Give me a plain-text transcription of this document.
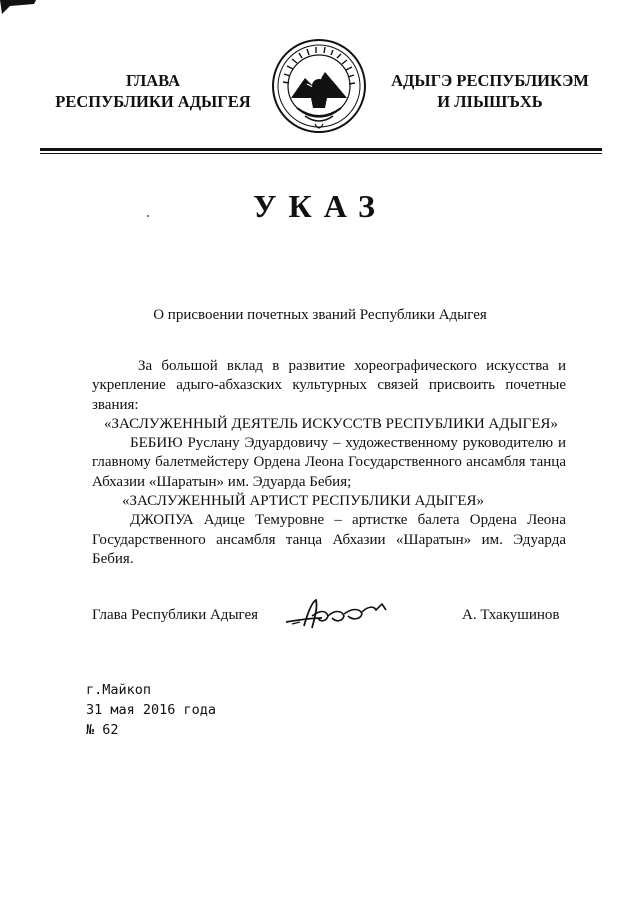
ГЛАВА
РЕСПУБЛИКИ АДЫГЕЯ
АДЫГЭ РЕСПУБЛИКЭМ
И ЛІЫШЪХЬ
УКАЗ
О присвоении почетных званий Республики Адыгея

За большой вклад в развитие хореографического искусства и укрепление адыго-абхазских культурных связей присвоить почетные звания:

«ЗАСЛУЖЕННЫЙ ДЕЯТЕЛЬ ИСКУССТВ РЕСПУБЛИКИ АДЫГЕЯ»

БЕБИЮ Руслану Эдуардовичу – художественному руководителю и главному балетмейстеру Ордена Леона Государственного ансамбля танца Абхазии «Шаратын» им. Эдуарда Бебия;

«ЗАСЛУЖЕННЫЙ АРТИСТ РЕСПУБЛИКИ АДЫГЕЯ»

ДЖОПУА Адице Темуровне – артистке балета Ордена Леона Государственного ансамбля танца Абхазии «Шаратын» им. Эдуарда Бебия.

Глава Республики Адыгея	А. Тхакушинов
г.Майкоп
31 мая 2016 года
№ 62
